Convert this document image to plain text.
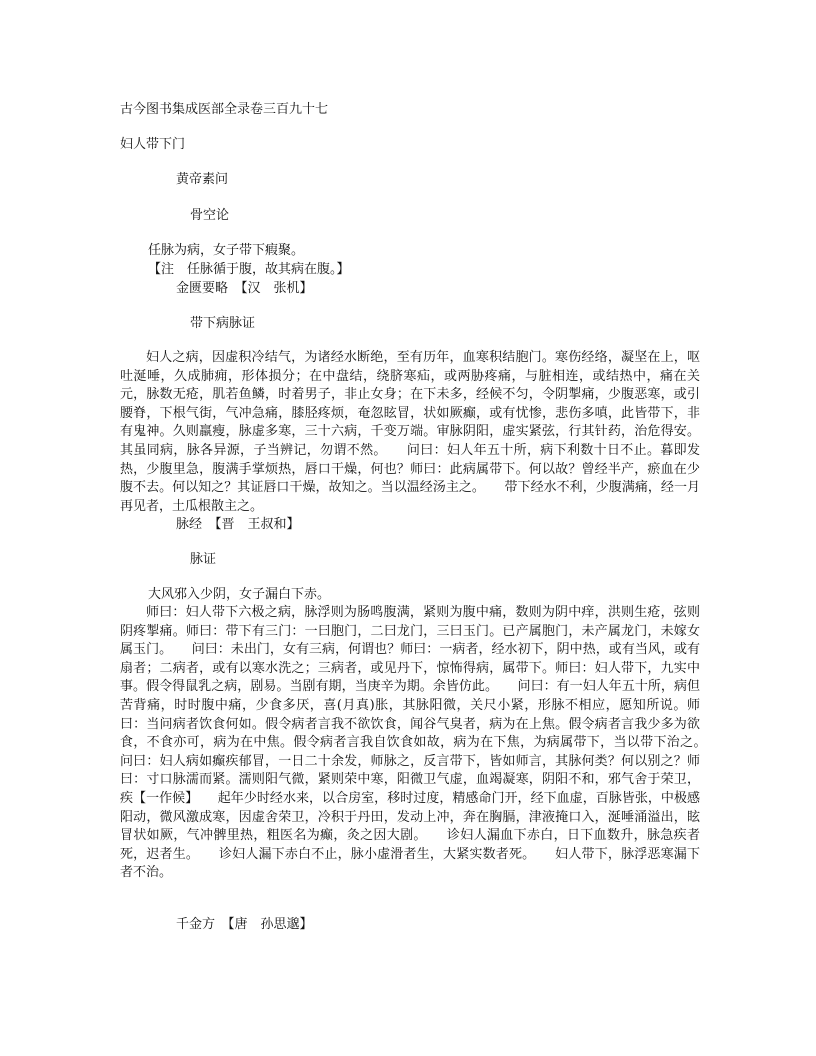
古今图书集成医部全录卷三百九十七
妇人带下门
黄帝素问
骨空论
任脉为病，女子带下瘕聚。
【注　任脉循于腹，故其病在腹。】
金匮要略　【汉　张机】
带下病脉证
妇人之病，因虚积冷结气，为诸经水断绝，至有历年，血寒积结胞门。寒伤经络，凝坚在上，呕吐涎唾，久成肺痈，形体损分；在中盘结，绕脐寒疝，或两胁疼痛，与脏相连，或结热中，痛在关元，脉数无疮，肌若鱼鳞，时着男子，非止女身；在下未多，经候不匀，令阴掣痛，少腹恶寒，或引腰脊，下根气街，气冲急痛，膝胫疼烦，奄忽眩冒，状如厥癫，或有忧惨，悲伤多嗔，此皆带下，非有鬼神。久则羸瘦，脉虚多寒，三十六病，千变万端。审脉阴阳，虚实紧弦，行其针药，治危得安。其虽同病，脉各异源，子当辨记，勿谓不然。　　问曰：妇人年五十所，病下利数十日不止。暮即发热，少腹里急，腹满手掌烦热，唇口干燥，何也？师曰：此病属带下。何以故？曾经半产，瘀血在少腹不去。何以知之？其证唇口干燥，故知之。当以温经汤主之。　　带下经水不利，少腹满痛，经一月再见者，土瓜根散主之。
脉经　【晋　王叔和】
脉证
大风邪入少阴，女子漏白下赤。
师曰：妇人带下六极之病，脉浮则为肠鸣腹满，紧则为腹中痛，数则为阴中痒，洪则生疮，弦则阴疼掣痛。师曰：带下有三门：一曰胞门，二曰龙门，三曰玉门。已产属胞门，未产属龙门，未嫁女属玉门。　　问曰：未出门，女有三病，何谓也？师曰：一病者，经水初下，阴中热，或有当风，或有扇者；二病者，或有以寒水洗之；三病者，或见丹下，惊怖得病，属带下。师曰：妇人带下，九实中事。假令得鼠乳之病，剧易。当剧有期，当庚辛为期。余皆仿此。　　问曰：有一妇人年五十所，病但苦背痛，时时腹中痛，少食多厌，喜(月真)胀，其脉阳微，关尺小紧，形脉不相应，愿知所说。师曰：当问病者饮食何如。假令病者言我不欲饮食，闻谷气臭者，病为在上焦。假令病者言我少多为欲食，不食亦可，病为在中焦。假令病者言我自饮食如故，病为在下焦，为病属带下，当以带下治之。　　问曰：妇人病如癫疾郁冒，一日二十余发，师脉之，反言带下，皆如师言，其脉何类？何以别之？师曰：寸口脉濡而紧。濡则阳气微，紧则荣中寒，阳微卫气虚，血竭凝寒，阴阳不和，邪气舍于荣卫，疾【一作候】　　起年少时经水来，以合房室，移时过度，精感命门开，经下血虚，百脉皆张，中极感阳动，微风激成寒，因虚舍荣卫，冷积于丹田，发动上冲，奔在胸膈，津液掩口入，涎唾涌溢出，眩冒状如厥，气冲髀里热，粗医名为癫，灸之因大剧。　　诊妇人漏血下赤白，日下血数升，脉急疾者死，迟者生。　　诊妇人漏下赤白不止，脉小虚滑者生，大紧实数者死。　　妇人带下，脉浮恶寒漏下者不治。
千金方　【唐　孙思邈】
